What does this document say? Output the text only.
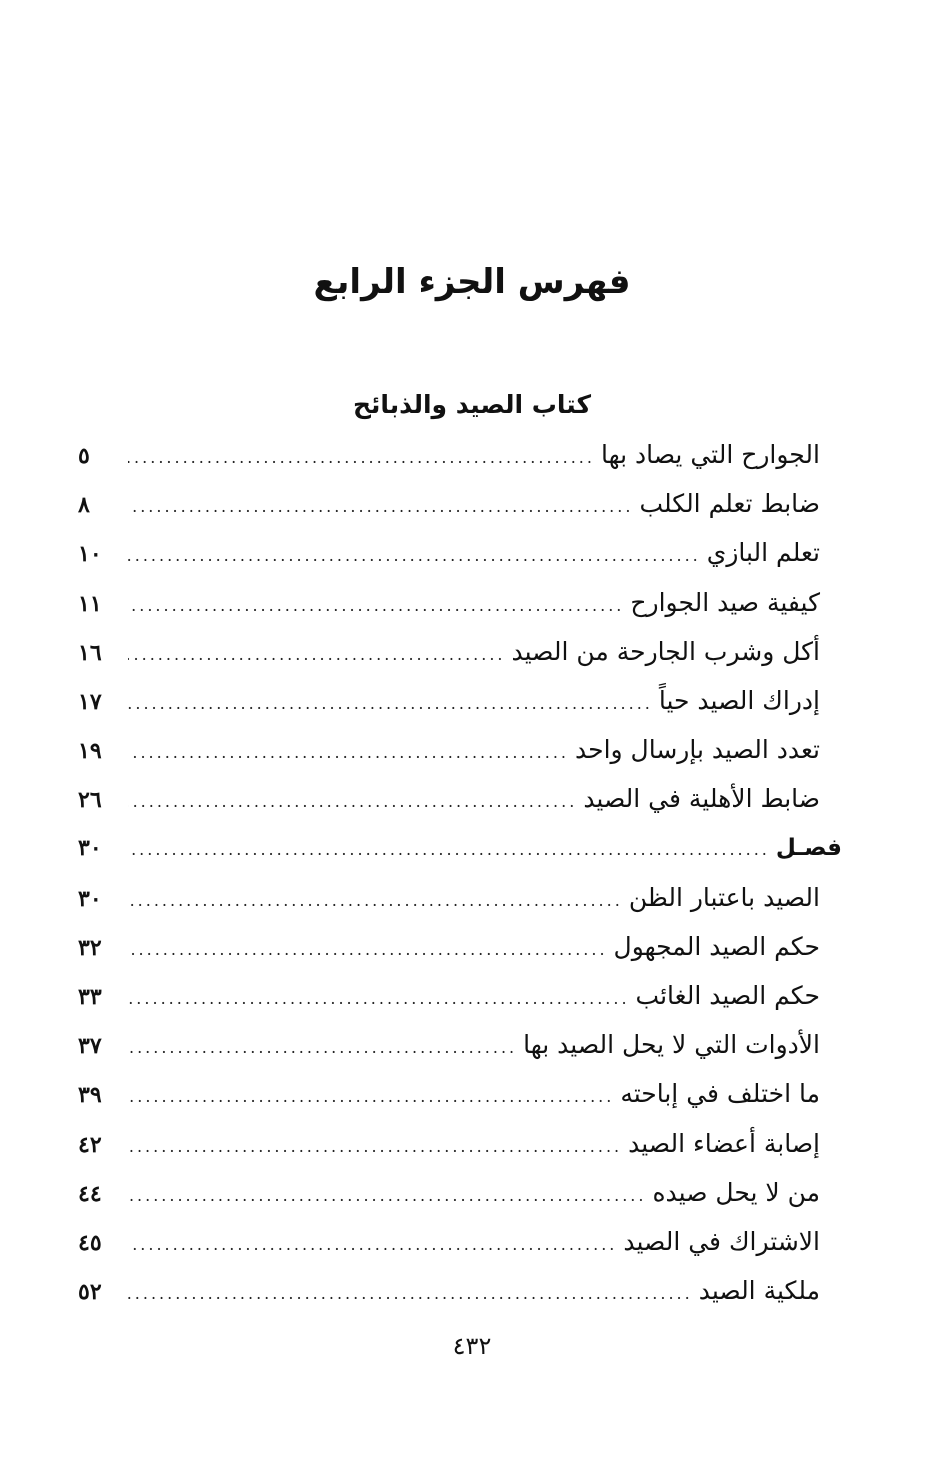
فهرس الجزء الرابع
كتاب الصيد والذبائح
الجوارح التي يصاد بها
.....
٥
ضابط تعلم الكلب
.....
٨
تعلم البازي
.....
١٠
كيفية صيد الجوارح
.....
١١
أكل وشرب الجارحة من الصيد
.....
١٦
إدراك الصيد حياً
.....
١٧
تعدد الصيد بإرسال واحد
.....
١٩
ضابط الأهلية في الصيد
.....
٢٦
فصـل
.....
٣٠
الصيد باعتبار الظن
.....
٣٠
حكم الصيد المجهول
.....
٣٢
حكم الصيد الغائب
.....
٣٣
الأدوات التي لا يحل الصيد بها
.....
٣٧
ما اختلف في إباحته
.....
٣٩
إصابة أعضاء الصيد
.....
٤٢
من لا يحل صيده
.....
٤٤
الاشتراك في الصيد
.....
٤٥
ملكية الصيد
.....
٥٢

٤٣٢
